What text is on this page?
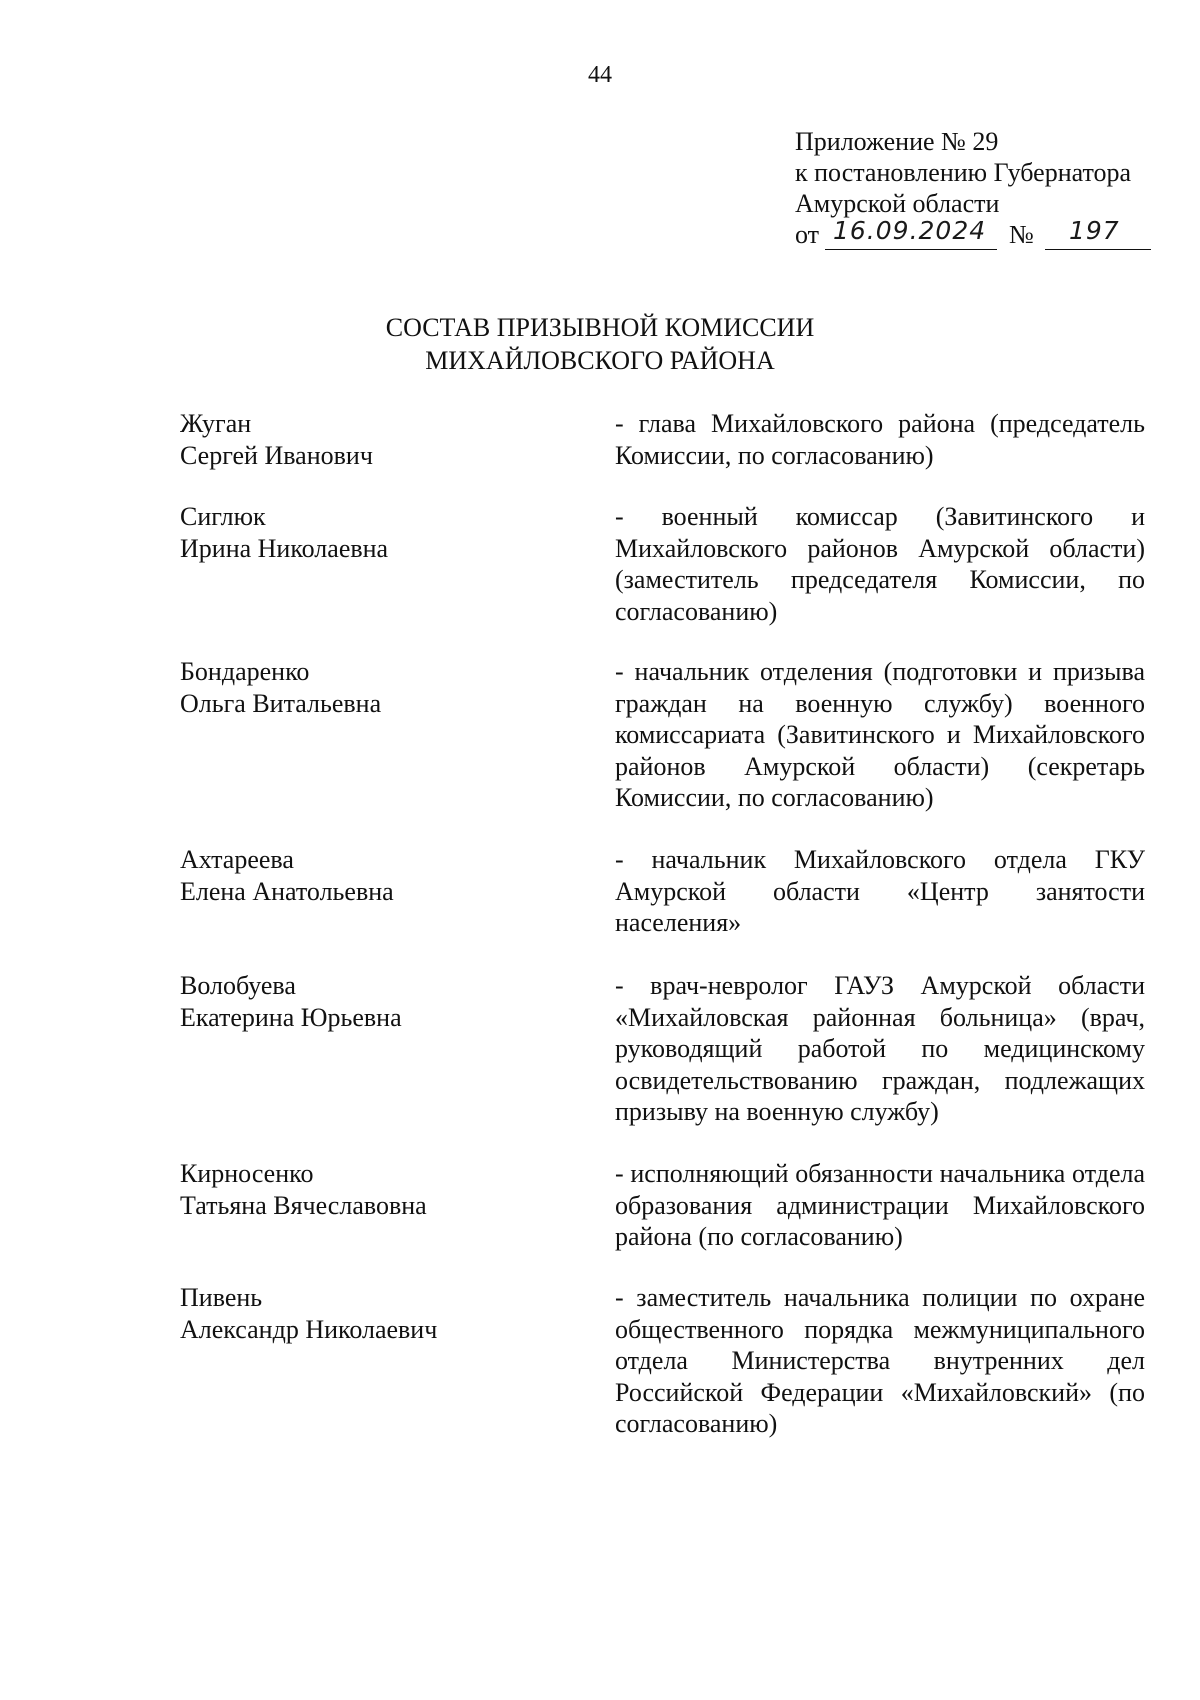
44
Приложение № 29
к постановлению Губернатора
Амурской области
от 16.09.2024 № 197
СОСТАВ ПРИЗЫВНОЙ КОМИССИИ
МИХАЙЛОВСКОГО РАЙОНА
Жуган
Сергей Иванович
- глава Михайловского района (председатель Комиссии, по согласованию)
Сиглюк
Ирина Николаевна
- военный комиссар (Завитинского и Михайловского районов Амурской области) (заместитель председателя Комиссии, по согласованию)
Бондаренко
Ольга Витальевна
- начальник отделения (подготовки и призыва граждан на военную службу) военного комиссариата (Завитинского и Михайловского районов Амурской области) (секретарь Комиссии, по согласованию)
Ахтареева
Елена Анатольевна
- начальник Михайловского отдела ГКУ Амурской области «Центр занятости населения»
Волобуева
Екатерина Юрьевна
- врач-невролог ГАУЗ Амурской области «Михайловская районная больница» (врач, руководящий работой по медицинскому освидетельствованию граждан, подлежащих призыву на военную службу)
Кирносенко
Татьяна Вячеславовна
- исполняющий обязанности начальника отдела образования администрации Михайловского района (по согласованию)
Пивень
Александр Николаевич
- заместитель начальника полиции по охране общественного порядка межмуниципального отдела Министерства внутренних дел Российской Федерации «Михайловский» (по согласованию)
